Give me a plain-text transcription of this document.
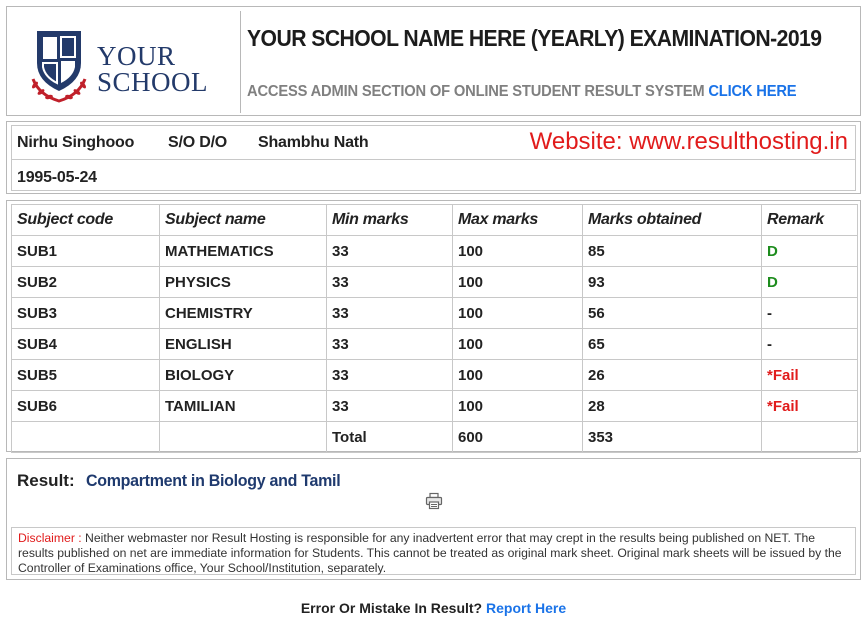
YOUR
SCHOOL
YOUR SCHOOL NAME HERE (YEARLY) EXAMINATION-2019
ACCESS ADMIN SECTION OF ONLINE STUDENT RESULT SYSTEM CLICK HERE
Nirhu Singhooo S/O D/O Shambhu Nath	Website: www.resulthosting.in
1995-05-24
Subject code	Subject name	Min marks	Max marks	Marks obtained	Remark
SUB1	MATHEMATICS	33	100	85	D
SUB2	PHYSICS	33	100	93	D
SUB3	CHEMISTRY	33	100	56	-
SUB4	ENGLISH	33	100	65	-
SUB5	BIOLOGY	33	100	26	*Fail
SUB6	TAMILIAN	33	100	28	*Fail
		Total	600	353	
Result: Compartment in Biology and Tamil
Disclaimer : Neither webmaster nor Result Hosting is responsible for any inadvertent error that may crept in the results being published on NET. The results published on net are immediate information for Students. This cannot be treated as original mark sheet. Original mark sheets will be issued by the Controller of Examinations office, Your School/Institution, separately.
Error Or Mistake In Result? Report Here
